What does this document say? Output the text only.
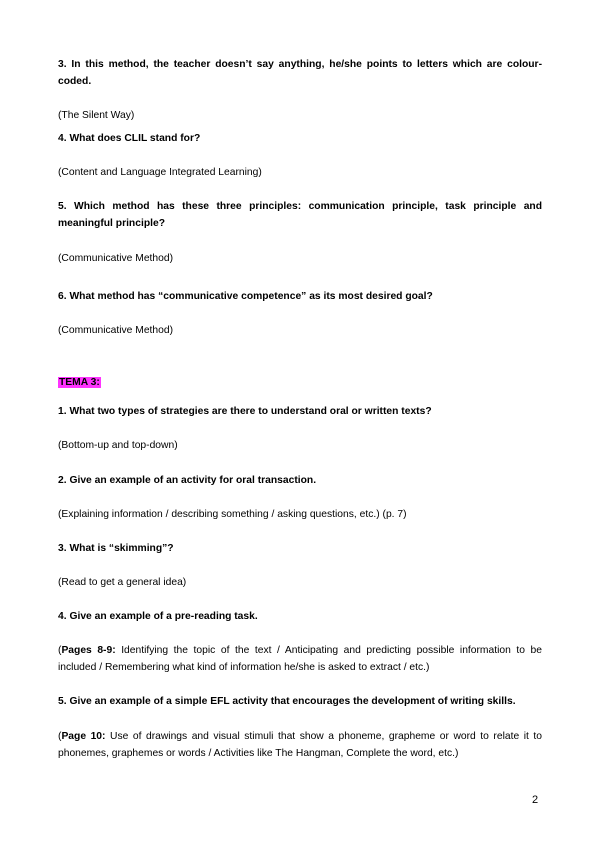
3. In this method, the teacher doesn’t say anything, he/she points to letters which are colour-coded.

(The Silent Way)

4. What does CLIL stand for?

(Content and Language Integrated Learning)

5. Which method has these three principles: communication principle, task principle and meaningful principle?

(Communicative Method)

6. What method has “communicative competence” as its most desired goal?

(Communicative Method)

TEMA 3:

1. What two types of strategies are there to understand oral or written texts?

(Bottom-up and top-down)

2. Give an example of an activity for oral transaction.

(Explaining information / describing something / asking questions, etc.) (p. 7)

3. What is “skimming”?

(Read to get a general idea)

4. Give an example of a pre-reading task.

(Pages 8-9: Identifying the topic of the text / Anticipating and predicting possible information to be included / Remembering what kind of information he/she is asked to extract / etc.)

5. Give an example of a simple EFL activity that encourages the development of writing skills.

(Page 10: Use of drawings and visual stimuli that show a phoneme, grapheme or word to relate it to phonemes, graphemes or words / Activities like The Hangman, Complete the word, etc.)

2
